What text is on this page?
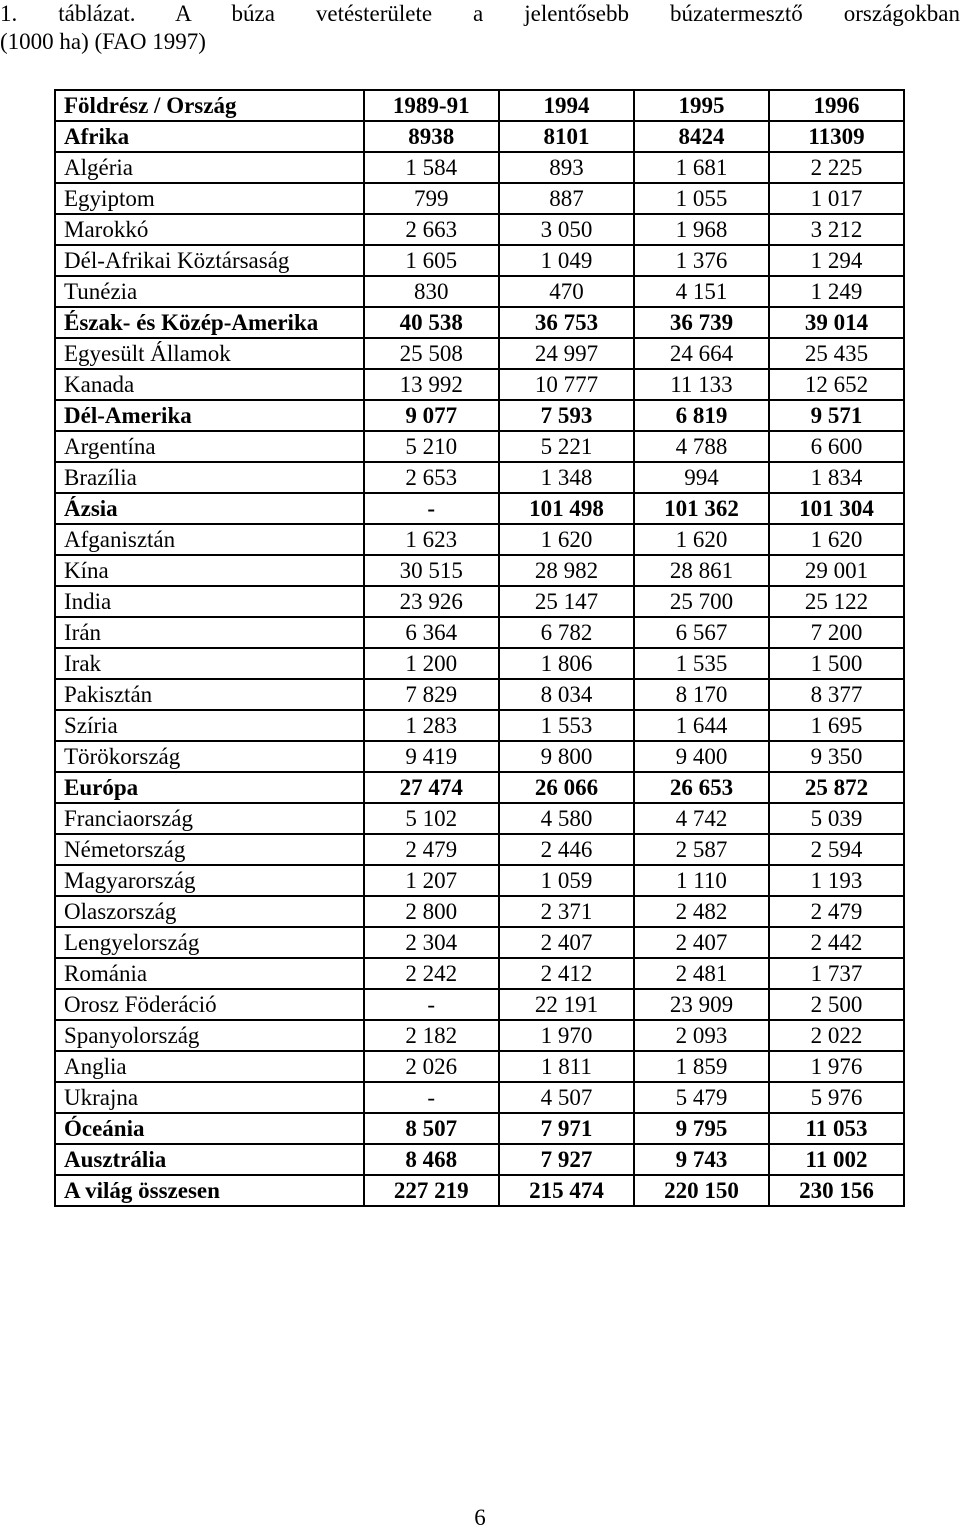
1. táblázat. A búza vetésterülete a jelentősebb búzatermesztő országokban
(1000 ha) (FAO 1997)
Földrész / Ország	1989-91	1994	1995	1996
Afrika	8938	8101	8424	11309
Algéria	1 584	893	1 681	2 225
Egyiptom	799	887	1 055	1 017
Marokkó	2 663	3 050	1 968	3 212
Dél-Afrikai Köztársaság	1 605	1 049	1 376	1 294
Tunézia	830	470	4 151	1 249
Észak- és Közép-Amerika	40 538	36 753	36 739	39 014
Egyesült Államok	25 508	24 997	24 664	25 435
Kanada	13 992	10 777	11 133	12 652
Dél-Amerika	9 077	7 593	6 819	9 571
Argentína	5 210	5 221	4 788	6 600
Brazília	2 653	1 348	994	1 834
Ázsia	-	101 498	101 362	101 304
Afganisztán	1 623	1 620	1 620	1 620
Kína	30 515	28 982	28 861	29 001
India	23 926	25 147	25 700	25 122
Irán	6 364	6 782	6 567	7 200
Irak	1 200	1 806	1 535	1 500
Pakisztán	7 829	8 034	8 170	8 377
Szíria	1 283	1 553	1 644	1 695
Törökország	9 419	9 800	9 400	9 350
Európa	27 474	26 066	26 653	25 872
Franciaország	5 102	4 580	4 742	5 039
Németország	2 479	2 446	2 587	2 594
Magyarország	1 207	1 059	1 110	1 193
Olaszország	2 800	2 371	2 482	2 479
Lengyelország	2 304	2 407	2 407	2 442
Románia	2 242	2 412	2 481	1 737
Orosz Föderáció	-	22 191	23 909	2 500
Spanyolország	2 182	1 970	2 093	2 022
Anglia	2 026	1 811	1 859	1 976
Ukrajna	-	4 507	5 479	5 976
Óceánia	8 507	7 971	9 795	11 053
Ausztrália	8 468	7 927	9 743	11 002
A világ összesen	227 219	215 474	220 150	230 156
6
